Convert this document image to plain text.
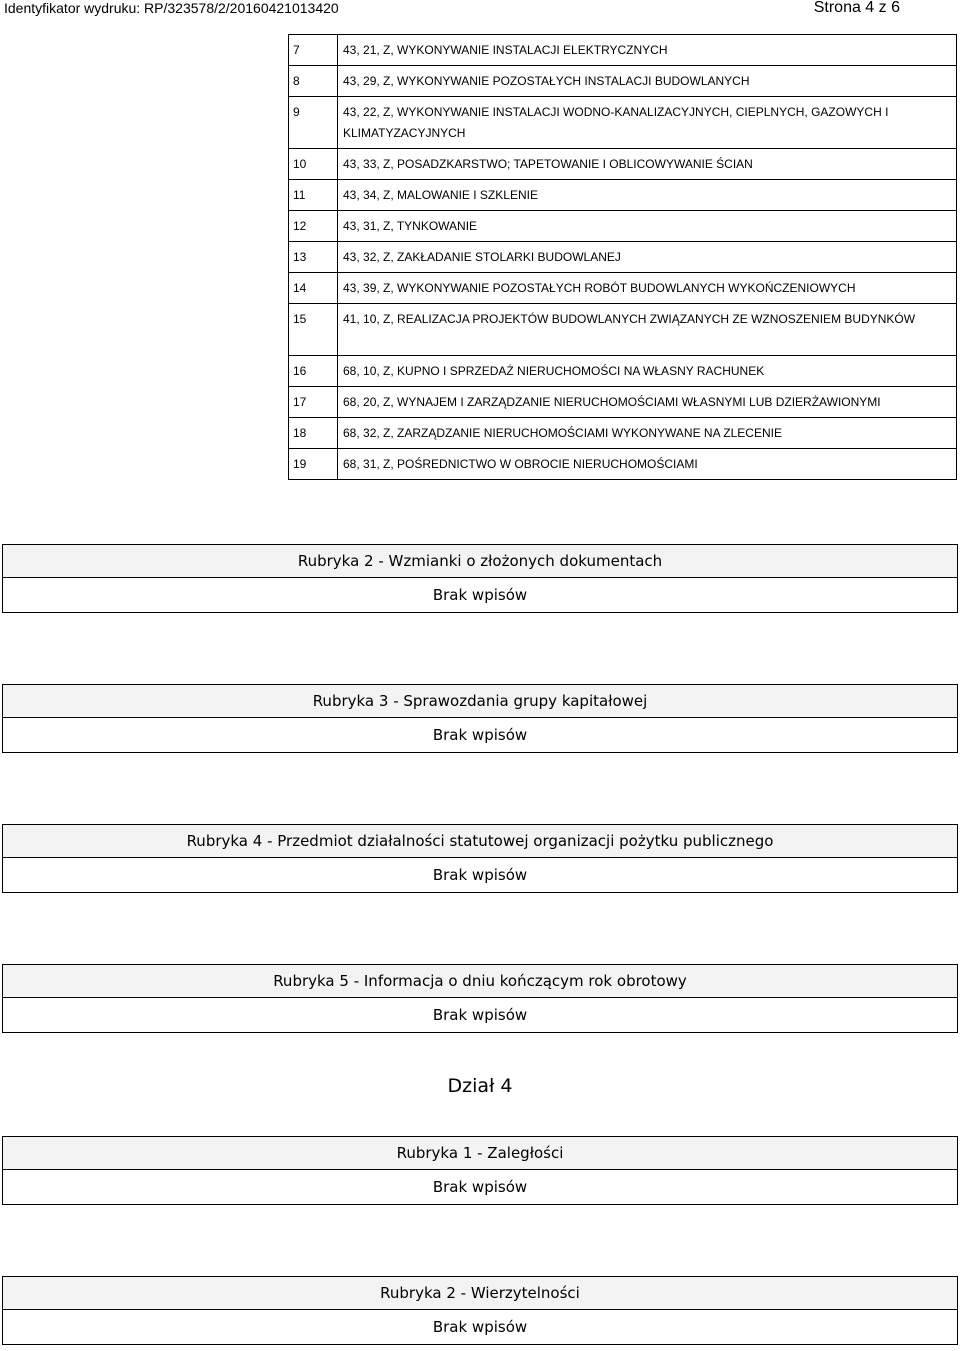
Identyfikator wydruku: RP/323578/2/20160421013420	Strona 4 z 6
7	43, 21, Z, WYKONYWANIE INSTALACJI ELEKTRYCZNYCH
8	43, 29, Z, WYKONYWANIE POZOSTAŁYCH INSTALACJI BUDOWLANYCH
9	43, 22, Z, WYKONYWANIE INSTALACJI WODNO-KANALIZACYJNYCH, CIEPLNYCH, GAZOWYCH I KLIMATYZACYJNYCH
10	43, 33, Z, POSADZKARSTWO; TAPETOWANIE I OBLICOWYWANIE ŚCIAN
11	43, 34, Z, MALOWANIE I SZKLENIE
12	43, 31, Z, TYNKOWANIE
13	43, 32, Z, ZAKŁADANIE STOLARKI BUDOWLANEJ
14	43, 39, Z, WYKONYWANIE POZOSTAŁYCH ROBÓT BUDOWLANYCH WYKOŃCZENIOWYCH
15	41, 10, Z, REALIZACJA PROJEKTÓW BUDOWLANYCH ZWIĄZANYCH ZE WZNOSZENIEM BUDYNKÓW
16	68, 10, Z, KUPNO I SPRZEDAŻ NIERUCHOMOŚCI NA WŁASNY RACHUNEK
17	68, 20, Z, WYNAJEM I ZARZĄDZANIE NIERUCHOMOŚCIAMI WŁASNYMI LUB DZIERŻAWIONYMI
18	68, 32, Z, ZARZĄDZANIE NIERUCHOMOŚCIAMI WYKONYWANE NA ZLECENIE
19	68, 31, Z, POŚREDNICTWO W OBROCIE NIERUCHOMOŚCIAMI
Rubryka 2 - Wzmianki o złożonych dokumentach
Brak wpisów
Rubryka 3 - Sprawozdania grupy kapitałowej
Brak wpisów
Rubryka 4 - Przedmiot działalności statutowej organizacji pożytku publicznego
Brak wpisów
Rubryka 5 - Informacja o dniu kończącym rok obrotowy
Brak wpisów
Dział 4
Rubryka 1 - Zaległości
Brak wpisów
Rubryka 2 - Wierzytelności
Brak wpisów
